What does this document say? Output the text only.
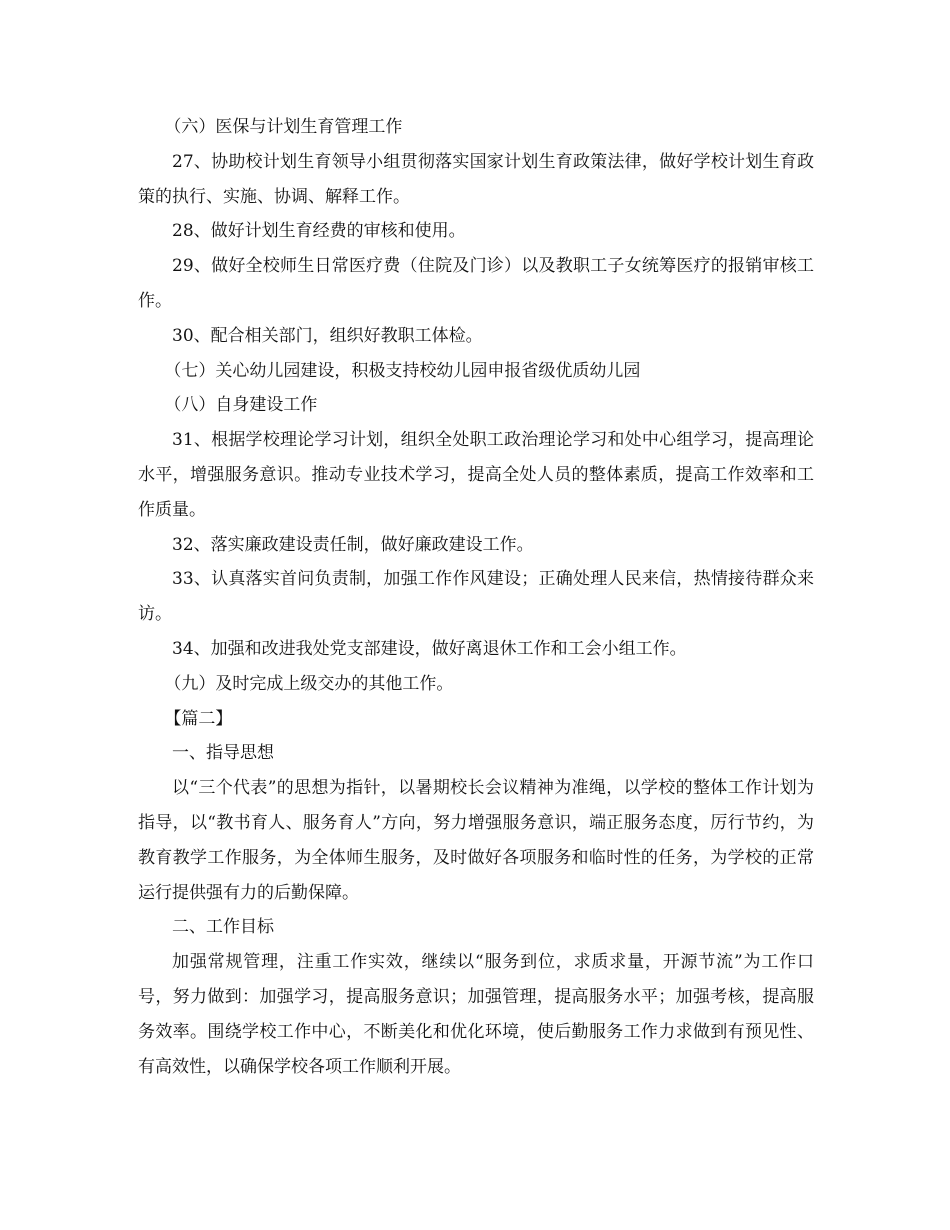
（六）医保与计划生育管理工作

27、协助校计划生育领导小组贯彻落实国家计划生育政策法律，做好学校计划生育政策的执行、实施、协调、解释工作。

28、做好计划生育经费的审核和使用。

29、做好全校师生日常医疗费（住院及门诊）以及教职工子女统筹医疗的报销审核工作。

30、配合相关部门，组织好教职工体检。

（七）关心幼儿园建设，积极支持校幼儿园申报省级优质幼儿园

（八）自身建设工作

31、根据学校理论学习计划，组织全处职工政治理论学习和处中心组学习，提高理论水平，增强服务意识。推动专业技术学习，提高全处人员的整体素质，提高工作效率和工作质量。

32、落实廉政建设责任制，做好廉政建设工作。

33、认真落实首问负责制，加强工作作风建设；正确处理人民来信，热情接待群众来访。

34、加强和改进我处党支部建设，做好离退休工作和工会小组工作。

（九）及时完成上级交办的其他工作。

【篇二】

一、指导思想

以“三个代表”的思想为指针，以暑期校长会议精神为准绳，以学校的整体工作计划为指导，以“教书育人、服务育人”方向，努力增强服务意识，端正服务态度，厉行节约，为教育教学工作服务，为全体师生服务，及时做好各项服务和临时性的任务，为学校的正常运行提供强有力的后勤保障。

二、工作目标

加强常规管理，注重工作实效，继续以“服务到位，求质求量，开源节流”为工作口号，努力做到：加强学习，提高服务意识；加强管理，提高服务水平；加强考核，提高服务效率。围绕学校工作中心，不断美化和优化环境，使后勤服务工作力求做到有预见性、有高效性，以确保学校各项工作顺利开展。
